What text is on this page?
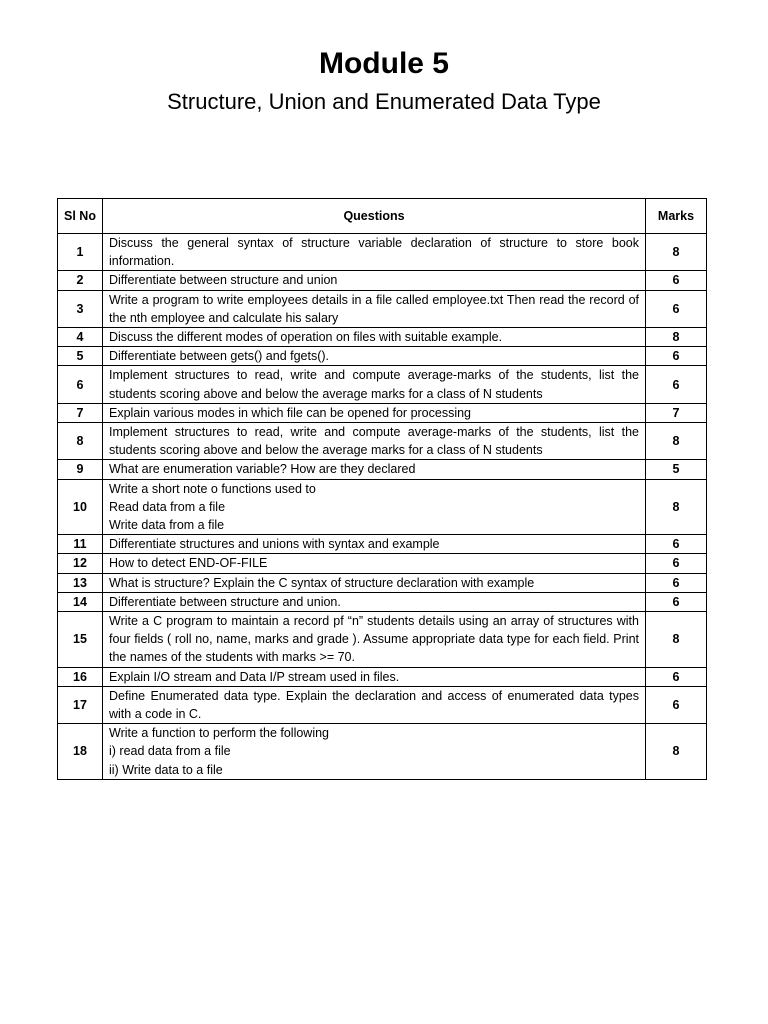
Module 5
Structure, Union and Enumerated Data Type
Sl No	Questions	Marks
1	Discuss the general syntax of structure variable declaration of structure to store book information.	8
2	Differentiate between structure and union	6
3	Write a program to write employees details in a file called employee.txt Then read the record of the nth employee and calculate his salary	6
4	Discuss the different modes of operation on files with suitable example.	8
5	Differentiate between gets() and fgets().	6
6	Implement structures to read, write and compute average-marks of the students, list the students scoring above and below the average marks for a class of N students	6
7	Explain various modes in which file can be opened for processing	7
8	Implement structures to read, write and compute average-marks of the students, list the students scoring above and below the average marks for a class of N students	8
9	What are enumeration variable? How are they declared	5
10	Write a short note o functions used to
Read data from a file
Write data from a file	8
11	Differentiate structures and unions with syntax and example	6
12	How to detect END-OF-FILE	6
13	What is structure? Explain the C syntax of structure declaration with example	6
14	Differentiate between structure and union.	6
15	Write a C program to maintain a record pf “n” students details using an array of structures with four fields ( roll no, name, marks and grade ). Assume appropriate data type for each field. Print the names of the students with marks >= 70.	8
16	Explain I/O stream and Data I/P stream used in files.	6
17	Define Enumerated data type. Explain the declaration and access of enumerated data types with a code in C.	6
18	Write a function to perform the following
i) read data from a file
ii) Write data to a file	8
